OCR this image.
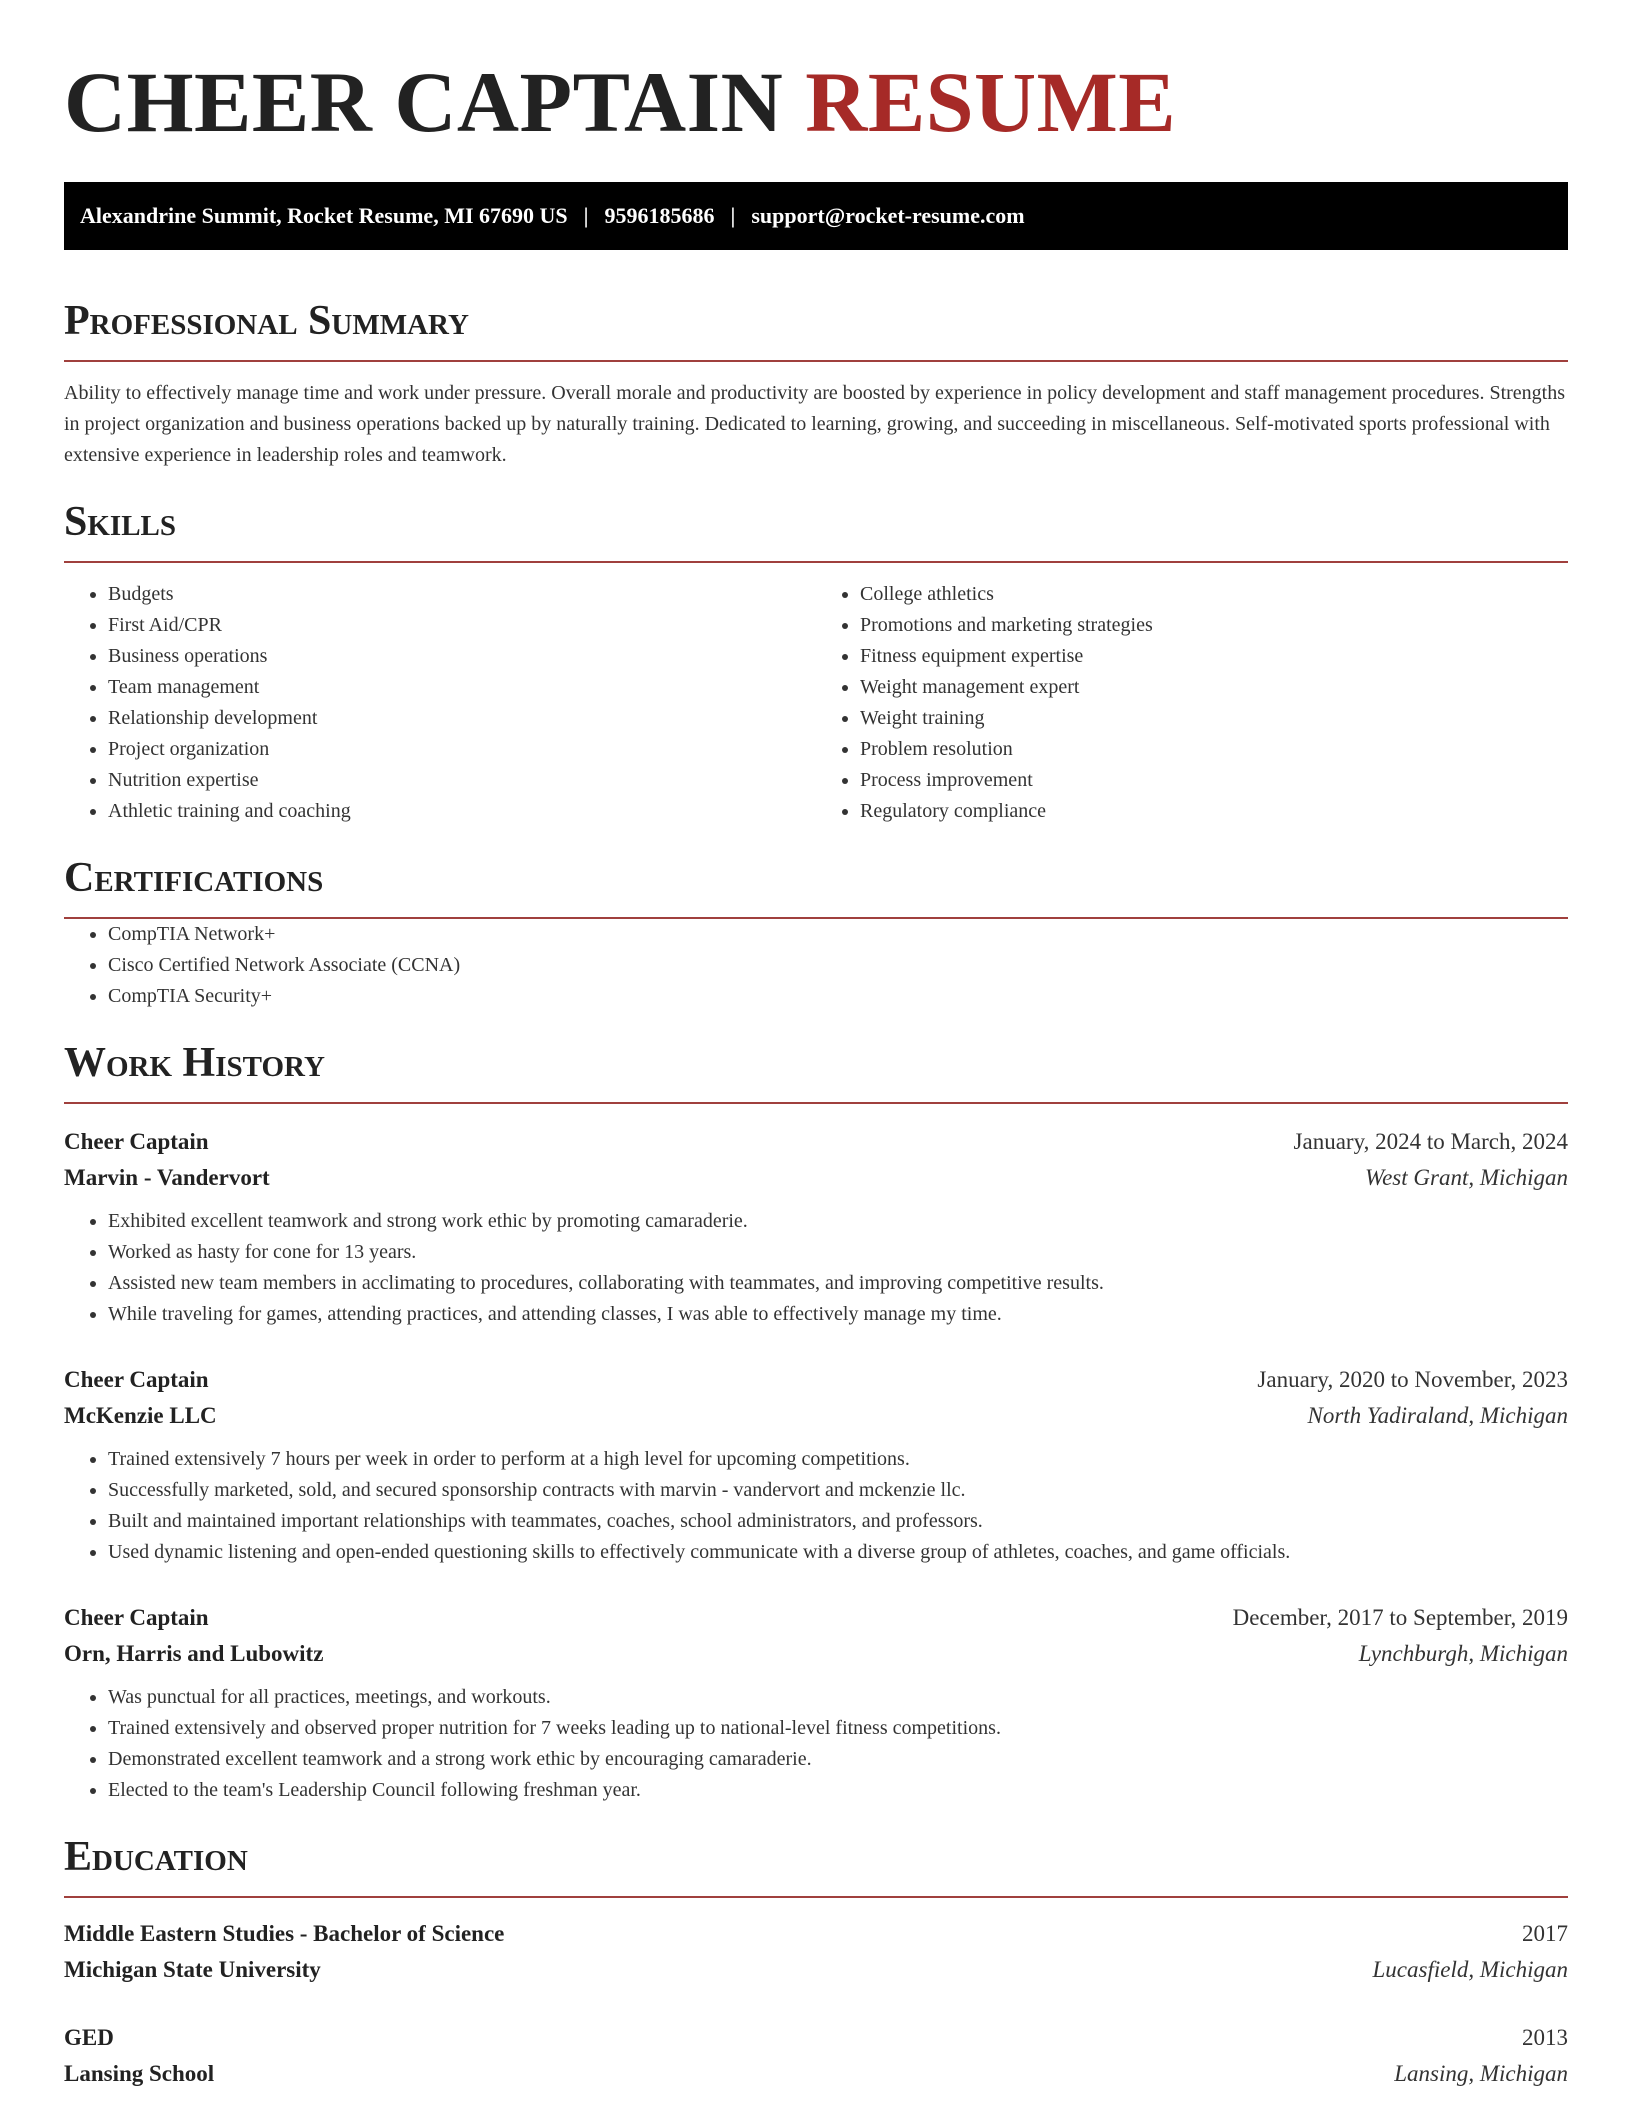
CHEER CAPTAIN RESUME
Alexandrine Summit, Rocket Resume, MI 67690 US | 9596185686 | support@rocket-resume.com
Professional Summary

Ability to effectively manage time and work under pressure. Overall morale and productivity are boosted by experience in policy development and staff management procedures. Strengths in project organization and business operations backed up by naturally training. Dedicated to learning, growing, and succeeding in miscellaneous. Self-motivated sports professional with extensive experience in leadership roles and teamwork.

Skills
• Budgets
• First Aid/CPR
• Business operations
• Team management
• Relationship development
• Project organization
• Nutrition expertise
• Athletic training and coaching
• College athletics
• Promotions and marketing strategies
• Fitness equipment expertise
• Weight management expert
• Weight training
• Problem resolution
• Process improvement
• Regulatory compliance
Certifications
• CompTIA Network+
• Cisco Certified Network Associate (CCNA)
• CompTIA Security+
Work History
Cheer Captain	January, 2024 to March, 2024
Marvin - Vandervort	West Grant, Michigan
• Exhibited excellent teamwork and strong work ethic by promoting camaraderie.
• Worked as hasty for cone for 13 years.
• Assisted new team members in acclimating to procedures, collaborating with teammates, and improving competitive results.
• While traveling for games, attending practices, and attending classes, I was able to effectively manage my time.
Cheer Captain	January, 2020 to November, 2023
McKenzie LLC	North Yadiraland, Michigan
• Trained extensively 7 hours per week in order to perform at a high level for upcoming competitions.
• Successfully marketed, sold, and secured sponsorship contracts with marvin - vandervort and mckenzie llc.
• Built and maintained important relationships with teammates, coaches, school administrators, and professors.
• Used dynamic listening and open-ended questioning skills to effectively communicate with a diverse group of athletes, coaches, and game officials.
Cheer Captain	December, 2017 to September, 2019
Orn, Harris and Lubowitz	Lynchburgh, Michigan
• Was punctual for all practices, meetings, and workouts.
• Trained extensively and observed proper nutrition for 7 weeks leading up to national-level fitness competitions.
• Demonstrated excellent teamwork and a strong work ethic by encouraging camaraderie.
• Elected to the team's Leadership Council following freshman year.
Education
Middle Eastern Studies - Bachelor of Science	2017
Michigan State University	Lucasfield, Michigan
GED	2013
Lansing School	Lansing, Michigan
